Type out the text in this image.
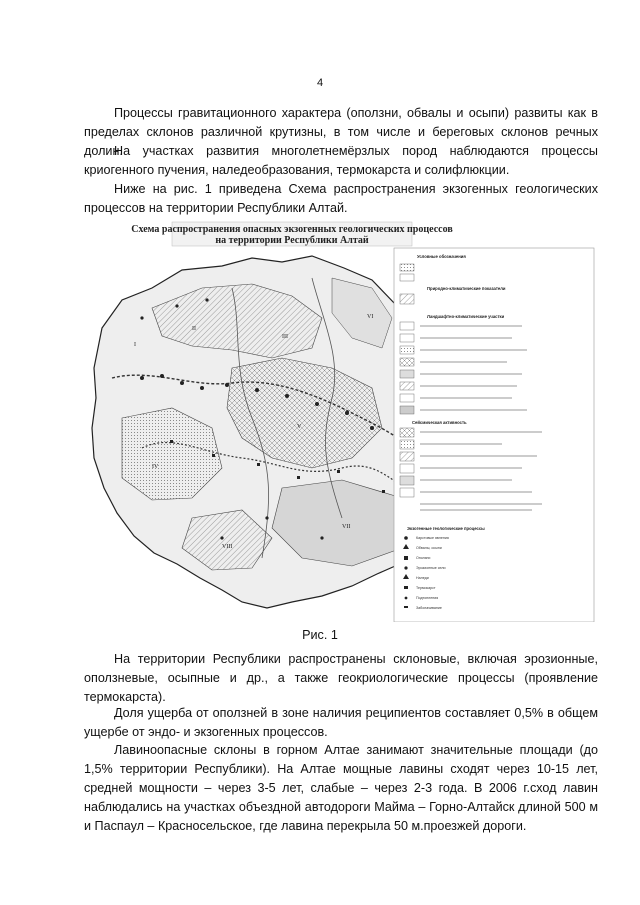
4

Процессы гравитационного характера (оползни, обвалы и осыпи) развиты как в пределах склонов различной крутизны, в том числе и береговых склонов речных долин.

На участках развития многолетнемёрзлых пород наблюдаются процессы криогенного пучения, наледеобразования, термокарста и солифлюкции.

Ниже на рис. 1 приведена Схема распространения экзогенных геологических процессов на территории Республики Алтай.

Схема распространения опасных экзогенных геологических процессов
на территории Республики Алтай
I
II
III
IV
V
VI
VII
VIII
Условные обозначения
Природно-климатические показатели
Ландшафтно-климатические участки
Сейсмическая активность
Экзогенные геологические процессы
Карстовые явления
Обвалы, осыпи
Оползни
Эрозионные сели
Наледи
Термокарст
Подтопления
Заболачивание
Рис. 1

На территории Республики распространены склоновые, включая эрозионные, оползневые, осыпные и др., а также геокриологические процессы (проявление термокарста).

Доля ущерба от оползней в зоне наличия реципиентов составляет 0,5% в общем ущербе от эндо- и экзогенных процессов.

Лавиноопасные склоны в горном Алтае занимают значительные площади (до 1,5% территории Республики). На Алтае мощные лавины сходят через 10-15 лет, средней мощности – через 3-5 лет, слабые – через 2-3 года. В 2006 г.сход лавин наблюдались на участках объездной автодороги Майма – Горно-Алтайск длиной 500 м и Паспаул – Красносельское, где лавина перекрыла 50 м.проезжей дороги.
